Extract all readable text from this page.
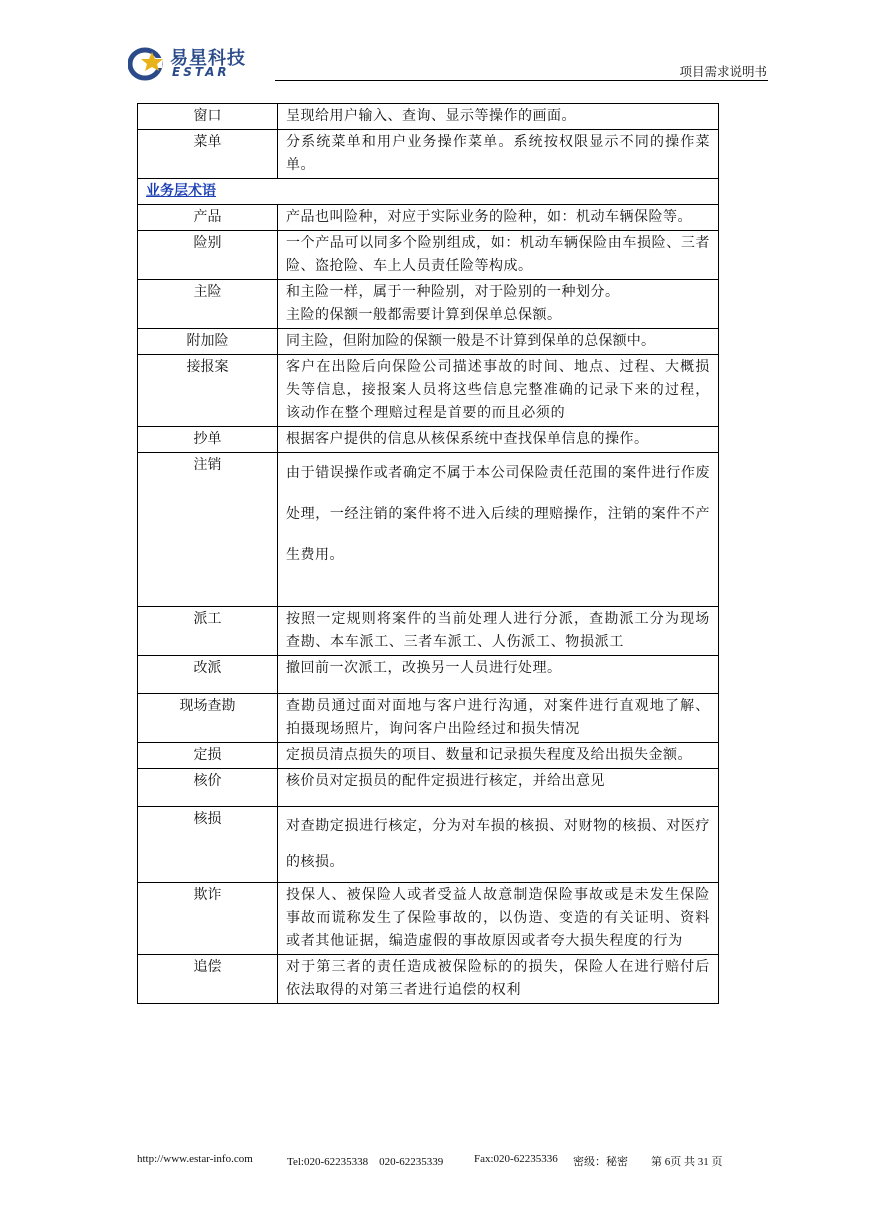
易星科技
ESTAR	项目需求说明书
窗口	呈现给用户输入、查询、显示等操作的画面。
菜单	分系统菜单和用户业务操作菜单。系统按权限显示不同的操作菜单。
业务层术语	
产品	产品也叫险种，对应于实际业务的险种，如：机动车辆保险等。
险别	一个产品可以同多个险别组成，如：机动车辆保险由车损险、三者险、盗抢险、车上人员责任险等构成。
主险	和主险一样，属于一种险别，对于险别的一种划分。
主险的保额一般都需要计算到保单总保额。

附加险	同主险，但附加险的保额一般是不计算到保单的总保额中。
接报案	客户在出险后向保险公司描述事故的时间、地点、过程、大概损失等信息，接报案人员将这些信息完整准确的记录下来的过程，该动作在整个理赔过程是首要的而且必须的
抄单	根据客户提供的信息从核保系统中查找保单信息的操作。
注销	由于错误操作或者确定不属于本公司保险责任范围的案件进行作废处理，一经注销的案件将不进入后续的理赔操作，注销的案件不产生费用。
派工	按照一定规则将案件的当前处理人进行分派，查勘派工分为现场查勘、本车派工、三者车派工、人伤派工、物损派工
改派	撤回前一次派工，改换另一人员进行处理。
现场查勘	查勘员通过面对面地与客户进行沟通，对案件进行直观地了解、拍摄现场照片，询问客户出险经过和损失情况
定损	定损员清点损失的项目、数量和记录损失程度及给出损失金额。
核价	核价员对定损员的配件定损进行核定，并给出意见
核损	对查勘定损进行核定，分为对车损的核损、对财物的核损、对医疗的核损。
欺诈	投保人、被保险人或者受益人故意制造保险事故或是未发生保险事故而谎称发生了保险事故的，以伪造、变造的有关证明、资料或者其他证据，编造虚假的事故原因或者夸大损失程度的行为
追偿	对于第三者的责任造成被保险标的的损失，保险人在进行赔付后依法取得的对第三者进行追偿的权利
http://www.estar-info.com	Tel:020-62235338　020-62235339	Fax:020-62235336 密级：秘密 第 6页 共 31 页
